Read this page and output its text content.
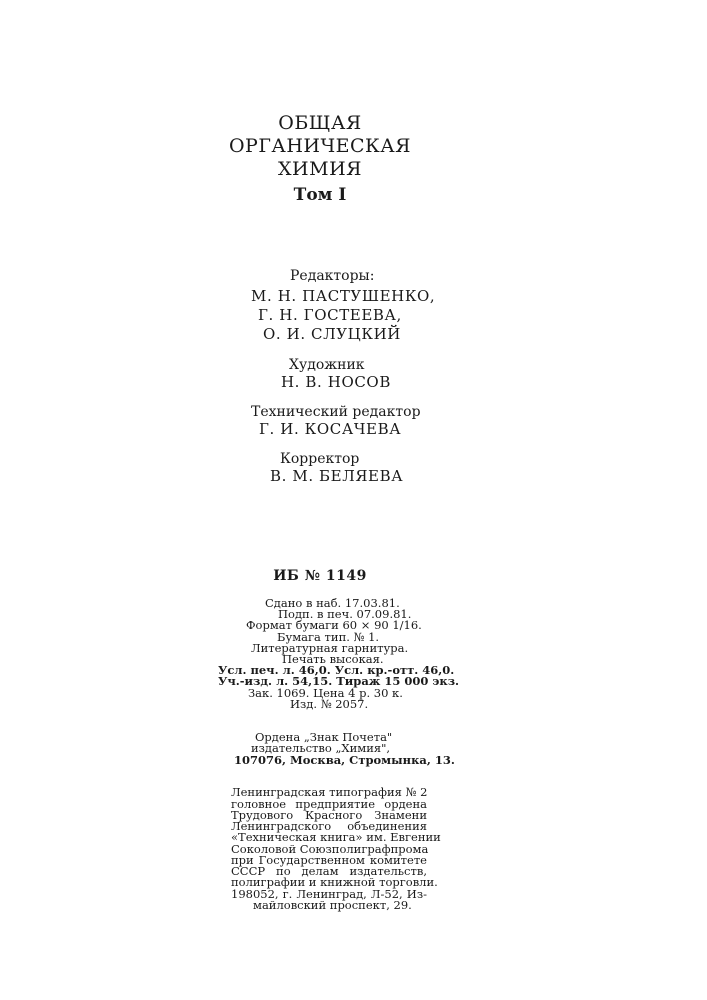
ОБЩАЯ
ОРГАНИЧЕСКАЯ
ХИМИЯ
Том I
Редакторы:
М. Н. ПАСТУШЕНКО,
Г. Н. ГОСТЕЕВА,
О. И. СЛУЦКИЙ
Художник
Н. В. НОСОВ
Технический редактор
Г. И. КОСАЧЕВА
Корректор
В. М. БЕЛЯЕВА
ИБ № 1149
Сдано в наб. 17.03.81.
Подп. в печ. 07.09.81.
Формат бумаги 60 × 90 1/16.
Бумага тип. № 1.
Литературная гарнитура.
Печать высокая.
Усл. печ. л. 46,0. Усл. кр.-отт. 46,0.
Уч.-изд. л. 54,15. Тираж 15 000 экз.
Зак. 1069. Цена 4 р. 30 к.
Изд. № 2057.
Ордена „Знак Почета"
издательство „Химия",
107076, Москва, Стромынка, 13.
Ленинградская типография № 2
головное предприятие ордена
Трудового Красного Знамени
Ленинградского объединения
«Техническая книга» им. Евгении
Соколовой Союзполиграфпрома
при Государственном комитете
СССР по делам издательств,
полиграфии и книжной торговли.
198052, г. Ленинград, Л-52, Из-
майловский проспект, 29.
